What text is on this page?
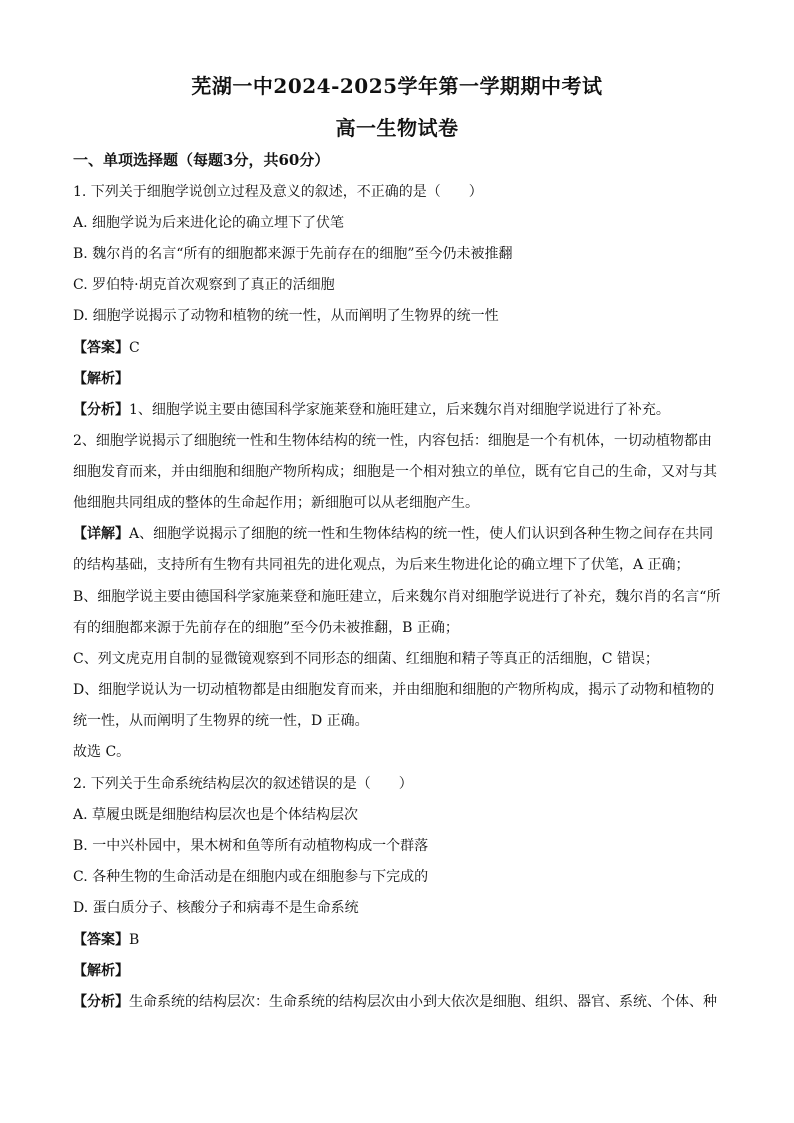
芜湖一中2024-2025学年第一学期期中考试
高一生物试卷
一、单项选择题（每题3分，共60分）
1. 下列关于细胞学说创立过程及意义的叙述，不正确的是（　　）
A. 细胞学说为后来进化论的确立埋下了伏笔
B. 魏尔肖的名言“所有的细胞都来源于先前存在的细胞”至今仍未被推翻
C. 罗伯特·胡克首次观察到了真正的活细胞
D. 细胞学说揭示了动物和植物的统一性，从而阐明了生物界的统一性
【答案】C
【解析】
【分析】1、细胞学说主要由德国科学家施莱登和施旺建立，后来魏尔肖对细胞学说进行了补充。
2、细胞学说揭示了细胞统一性和生物体结构的统一性，内容包括：细胞是一个有机体，一切动植物都由
细胞发育而来，并由细胞和细胞产物所构成；细胞是一个相对独立的单位，既有它自己的生命，又对与其
他细胞共同组成的整体的生命起作用；新细胞可以从老细胞产生。
【详解】A、细胞学说揭示了细胞的统一性和生物体结构的统一性，使人们认识到各种生物之间存在共同
的结构基础，支持所有生物有共同祖先的进化观点，为后来生物进化论的确立埋下了伏笔，A 正确；
B、细胞学说主要由德国科学家施莱登和施旺建立，后来魏尔肖对细胞学说进行了补充，魏尔肖的名言“所
有的细胞都来源于先前存在的细胞”至今仍未被推翻，B 正确；
C、列文虎克用自制的显微镜观察到不同形态的细菌、红细胞和精子等真正的活细胞，C 错误；
D、细胞学说认为一切动植物都是由细胞发育而来，并由细胞和细胞的产物所构成，揭示了动物和植物的
统一性，从而阐明了生物界的统一性，D 正确。
故选 C。
2. 下列关于生命系统结构层次的叙述错误的是（　　）
A. 草履虫既是细胞结构层次也是个体结构层次
B. 一中兴朴园中，果木树和鱼等所有动植物构成一个群落
C. 各种生物的生命活动是在细胞内或在细胞参与下完成的
D. 蛋白质分子、核酸分子和病毒不是生命系统
【答案】B
【解析】
【分析】生命系统的结构层次：生命系统的结构层次由小到大依次是细胞、组织、器官、系统、个体、种
